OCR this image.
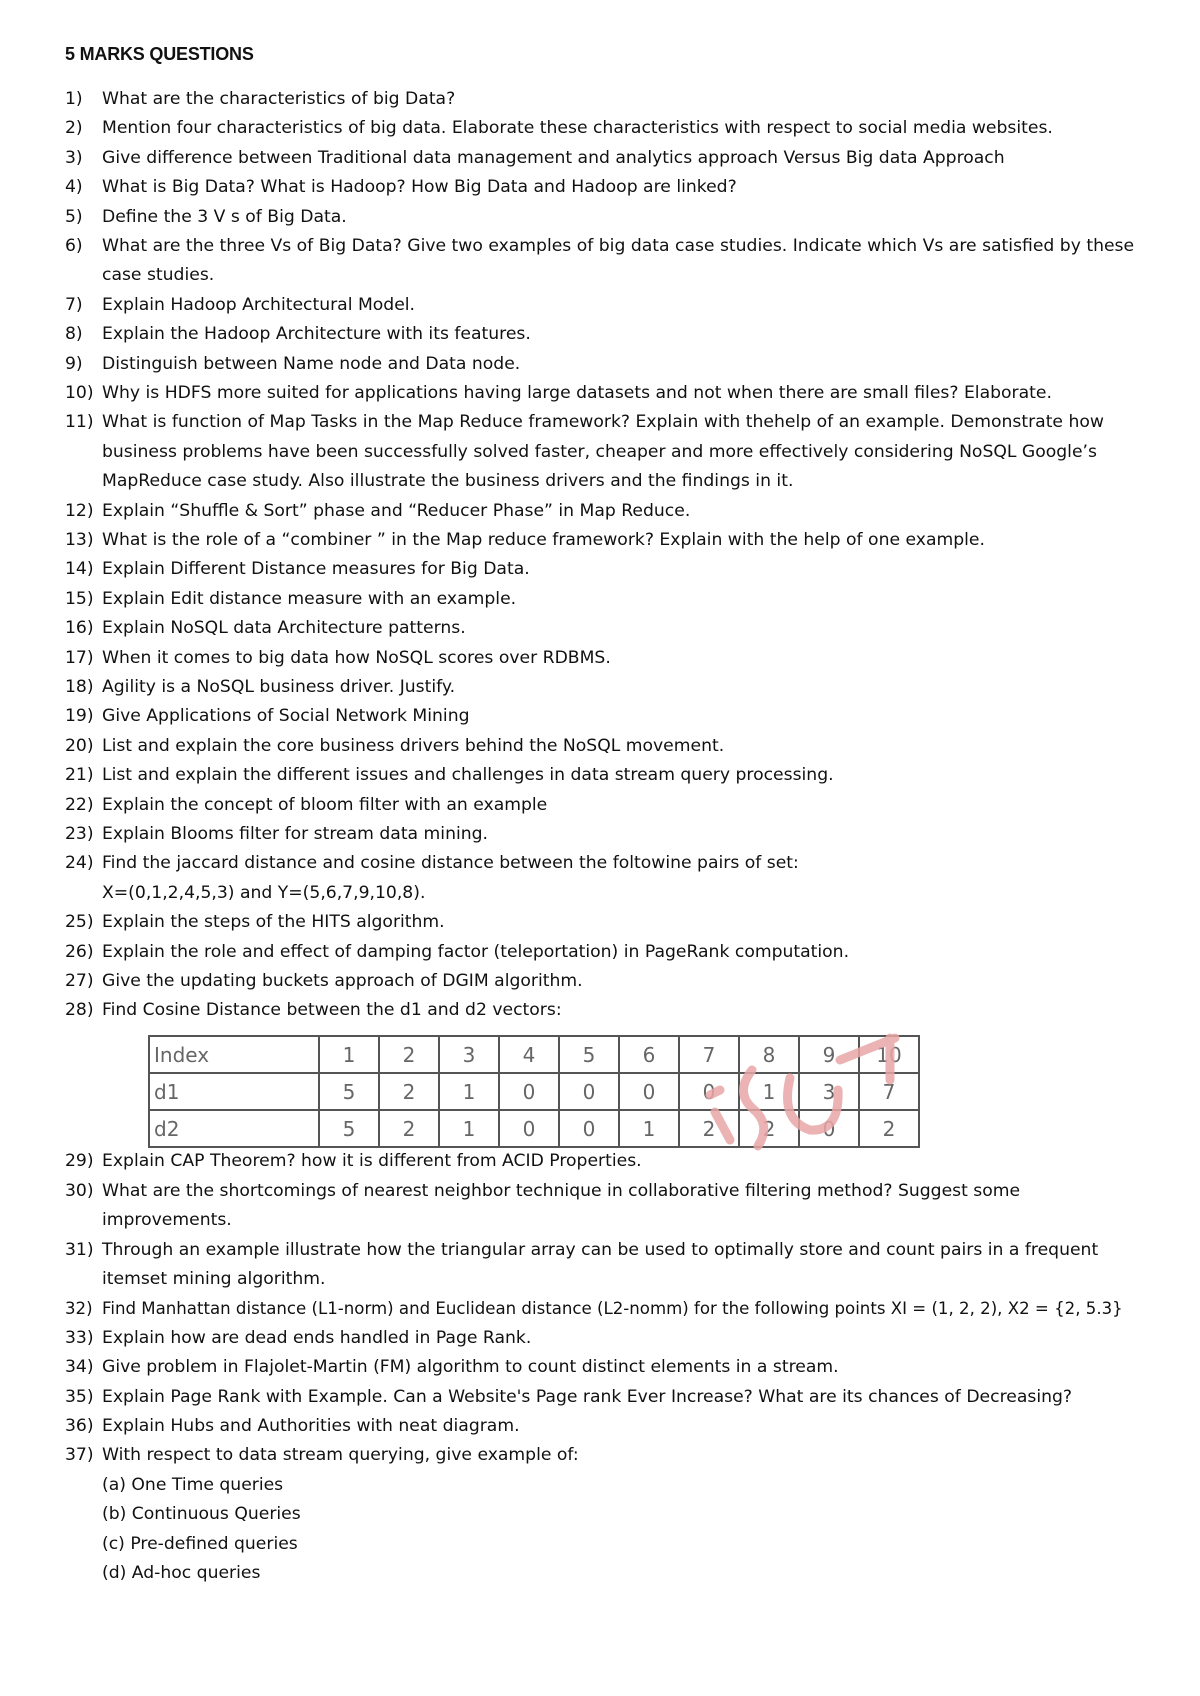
5 MARKS QUESTIONS
1)	What are the characteristics of big Data?
2)	Mention four characteristics of big data. Elaborate these characteristics with respect to social media websites.
3)	Give difference between Traditional data management and analytics approach Versus Big data Approach
4)	What is Big Data? What is Hadoop? How Big Data and Hadoop are linked?
5)	Define the 3 V s of Big Data.
6)	What are the three Vs of Big Data? Give two examples of big data case studies. Indicate which Vs are satisfied by these
case studies.
7)	Explain Hadoop Architectural Model.
8)	Explain the Hadoop Architecture with its features.
9)	Distinguish between Name node and Data node.
10) Why is HDFS more suited for applications having large datasets and not when there are small files? Elaborate.
11) What is function of Map Tasks in the Map Reduce framework? Explain with thehelp of an example. Demonstrate how
business problems have been successfully solved faster, cheaper and more effectively considering NoSQL Google’s
MapReduce case study. Also illustrate the business drivers and the findings in it.
12) Explain “Shuffle & Sort” phase and “Reducer Phase” in Map Reduce.
13) What is the role of a “combiner ” in the Map reduce framework? Explain with the help of one example.
14) Explain Different Distance measures for Big Data.
15) Explain Edit distance measure with an example.
16) Explain NoSQL data Architecture patterns.
17) When it comes to big data how NoSQL scores over RDBMS.
18) Agility is a NoSQL business driver. Justify.
19) Give Applications of Social Network Mining
20) List and explain the core business drivers behind the NoSQL movement.
21) List and explain the different issues and challenges in data stream query processing.
22) Explain the concept of bloom filter with an example
23) Explain Blooms filter for stream data mining.
24) Find the jaccard distance and cosine distance between the foltowine pairs of set:
X=(0,1,2,4,5,3) and Y=(5,6,7,9,10,8).
25) Explain the steps of the HITS algorithm.
26) Explain the role and effect of damping factor (teleportation) in PageRank computation.
27) Give the updating buckets approach of DGIM algorithm.
28) Find Cosine Distance between the d1 and d2 vectors:
29) Explain CAP Theorem? how it is different from ACID Properties.
30) What are the shortcomings of nearest neighbor technique in collaborative filtering method? Suggest some
improvements.
31) Through an example illustrate how the triangular array can be used to optimally store and count pairs in a frequent
itemset mining algorithm.
32) Find Manhattan distance (L1-norm) and Euclidean distance (L2-nomm) for the following points XI = (1, 2, 2), X2 = {2, 5.3}
33) Explain how are dead ends handled in Page Rank.
34) Give problem in Flajolet-Martin (FM) algorithm to count distinct elements in a stream.
35) Explain Page Rank with Example. Can a Website's Page rank Ever Increase? What are its chances of Decreasing?
36) Explain Hubs and Authorities with neat diagram.
37) With respect to data stream querying, give example of:
(a) One Time queries
(b) Continuous Queries
(c) Pre-defined queries
(d) Ad-hoc queries
Index	1	2	3	4	5	6	7	8	9	10
d1	5	2	1	0	0	0	0	1	3	7
d2	5	2	1	0	0	1	2	2	0	2
